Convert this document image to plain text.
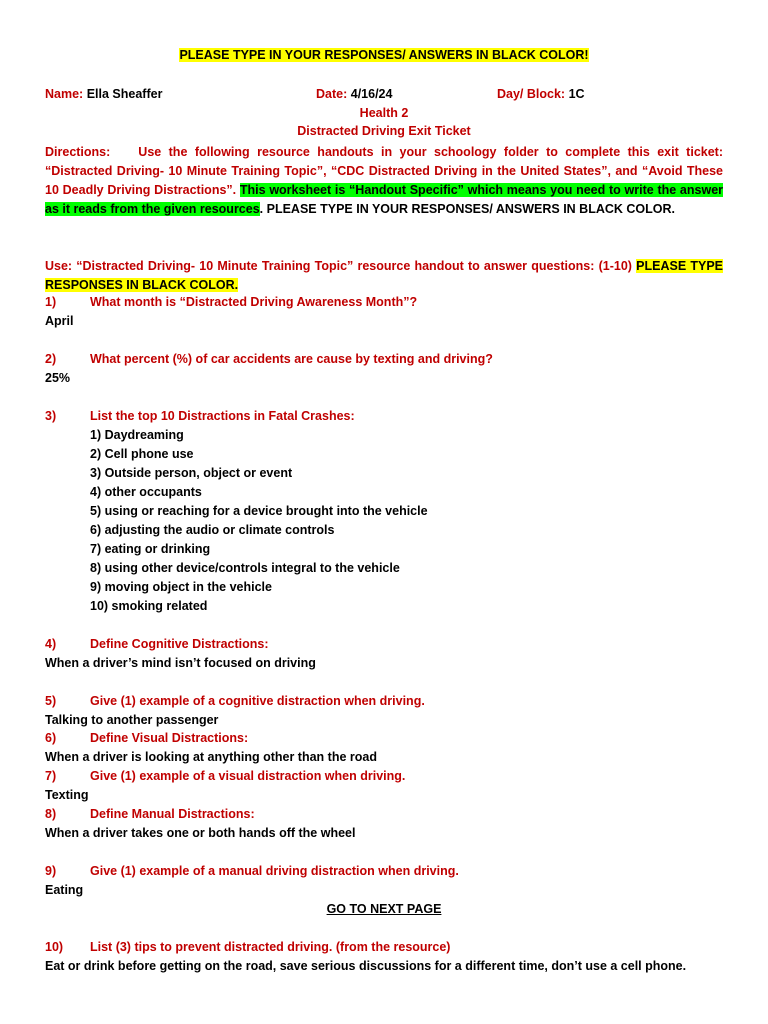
PLEASE TYPE IN YOUR RESPONSES/ ANSWERS IN BLACK COLOR!
Name: Ella Sheaffer	Date: 4/16/24	Day/ Block: 1C
Health 2
Distracted Driving Exit Ticket
Directions: Use the following resource handouts in your schoology folder to complete this exit ticket: “Distracted Driving- 10 Minute Training Topic”, “CDC Distracted Driving in the United States”, and “Avoid These 10 Deadly Driving Distractions”. This worksheet is “Handout Specific” which means you need to write the answer as it reads from the given resources. PLEASE TYPE IN YOUR RESPONSES/ ANSWERS IN BLACK COLOR.
Use: “Distracted Driving- 10 Minute Training Topic” resource handout to answer questions: (1-10) PLEASE TYPE RESPONSES IN BLACK COLOR.
1)	What month is “Distracted Driving Awareness Month”?
April
2)	What percent (%) of car accidents are cause by texting and driving?
25%
3)	List the top 10 Distractions in Fatal Crashes:
1) Daydreaming
2) Cell phone use
3) Outside person, object or event
4) other occupants
5) using or reaching for a device brought into the vehicle
6) adjusting the audio or climate controls
7) eating or drinking
8) using other device/controls integral to the vehicle
9) moving object in the vehicle
10) smoking related
4)	Define Cognitive Distractions:
When a driver’s mind isn’t focused on driving
5)	Give (1) example of a cognitive distraction when driving.
Talking to another passenger
6)	Define Visual Distractions:
When a driver is looking at anything other than the road
7)	Give (1) example of a visual distraction when driving.
Texting
8)	Define Manual Distractions:
When a driver takes one or both hands off the wheel
9)	Give (1) example of a manual driving distraction when driving.
Eating
GO TO NEXT PAGE
10) List (3) tips to prevent distracted driving. (from the resource)
Eat or drink before getting on the road, save serious discussions for a different time, don’t use a cell phone.
